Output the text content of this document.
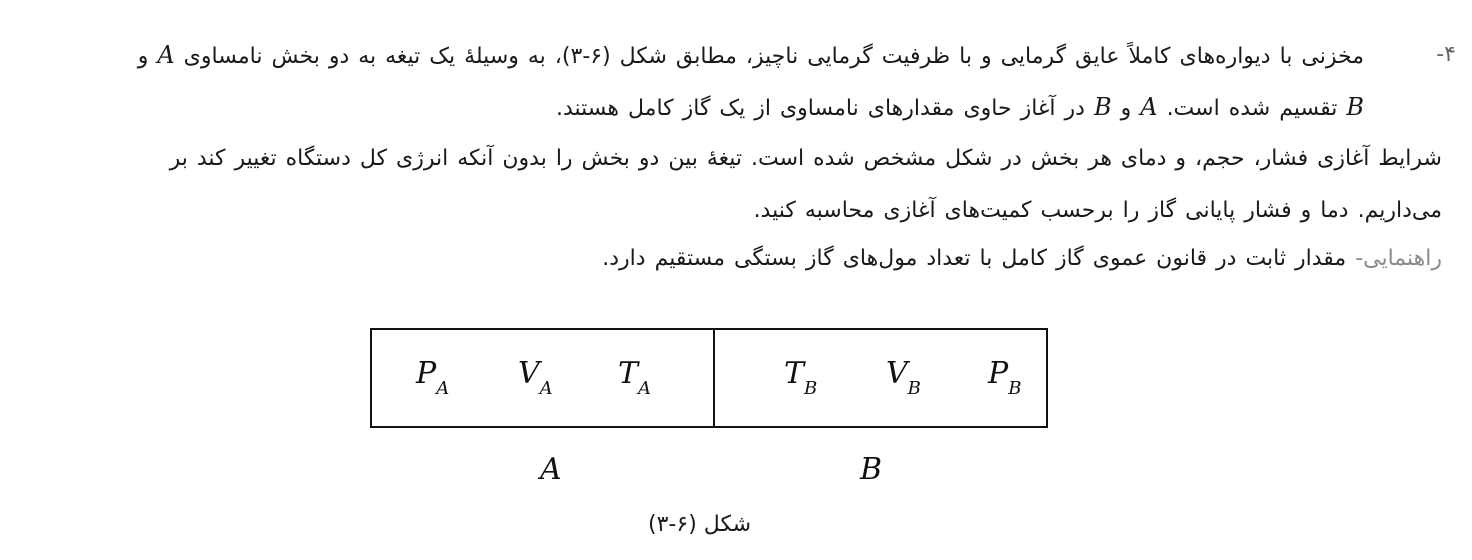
-۴
مخزنی با دیواره‌های کاملاً عایق گرمایی و با ظرفیت گرمایی ناچیز، مطابق شکل (۶-۳)، به وسیلهٔ یک تیغه به دو بخش نامساوی A و
B تقسیم شده است. A و B در آغاز حاوی مقدارهای نامساوی از یک گاز کامل هستند.
شرایط آغازی فشار، حجم، و دمای هر بخش در شکل مشخص شده است. تیغهٔ بین دو بخش را بدون آنکه انرژی کل دستگاه تغییر کند بر
می‌داریم. دما و فشار پایانی گاز را برحسب کمیت‌های آغازی محاسبه کنید.
راهنمایی- مقدار ثابت در قانون عموی گاز کامل با تعداد مول‌های گاز بستگی مستقیم دارد.
$P_A$ $V_A$ $T_A$	$T_B$ $V_B$ $P_B$
A	B
شکل (۶-۳)
